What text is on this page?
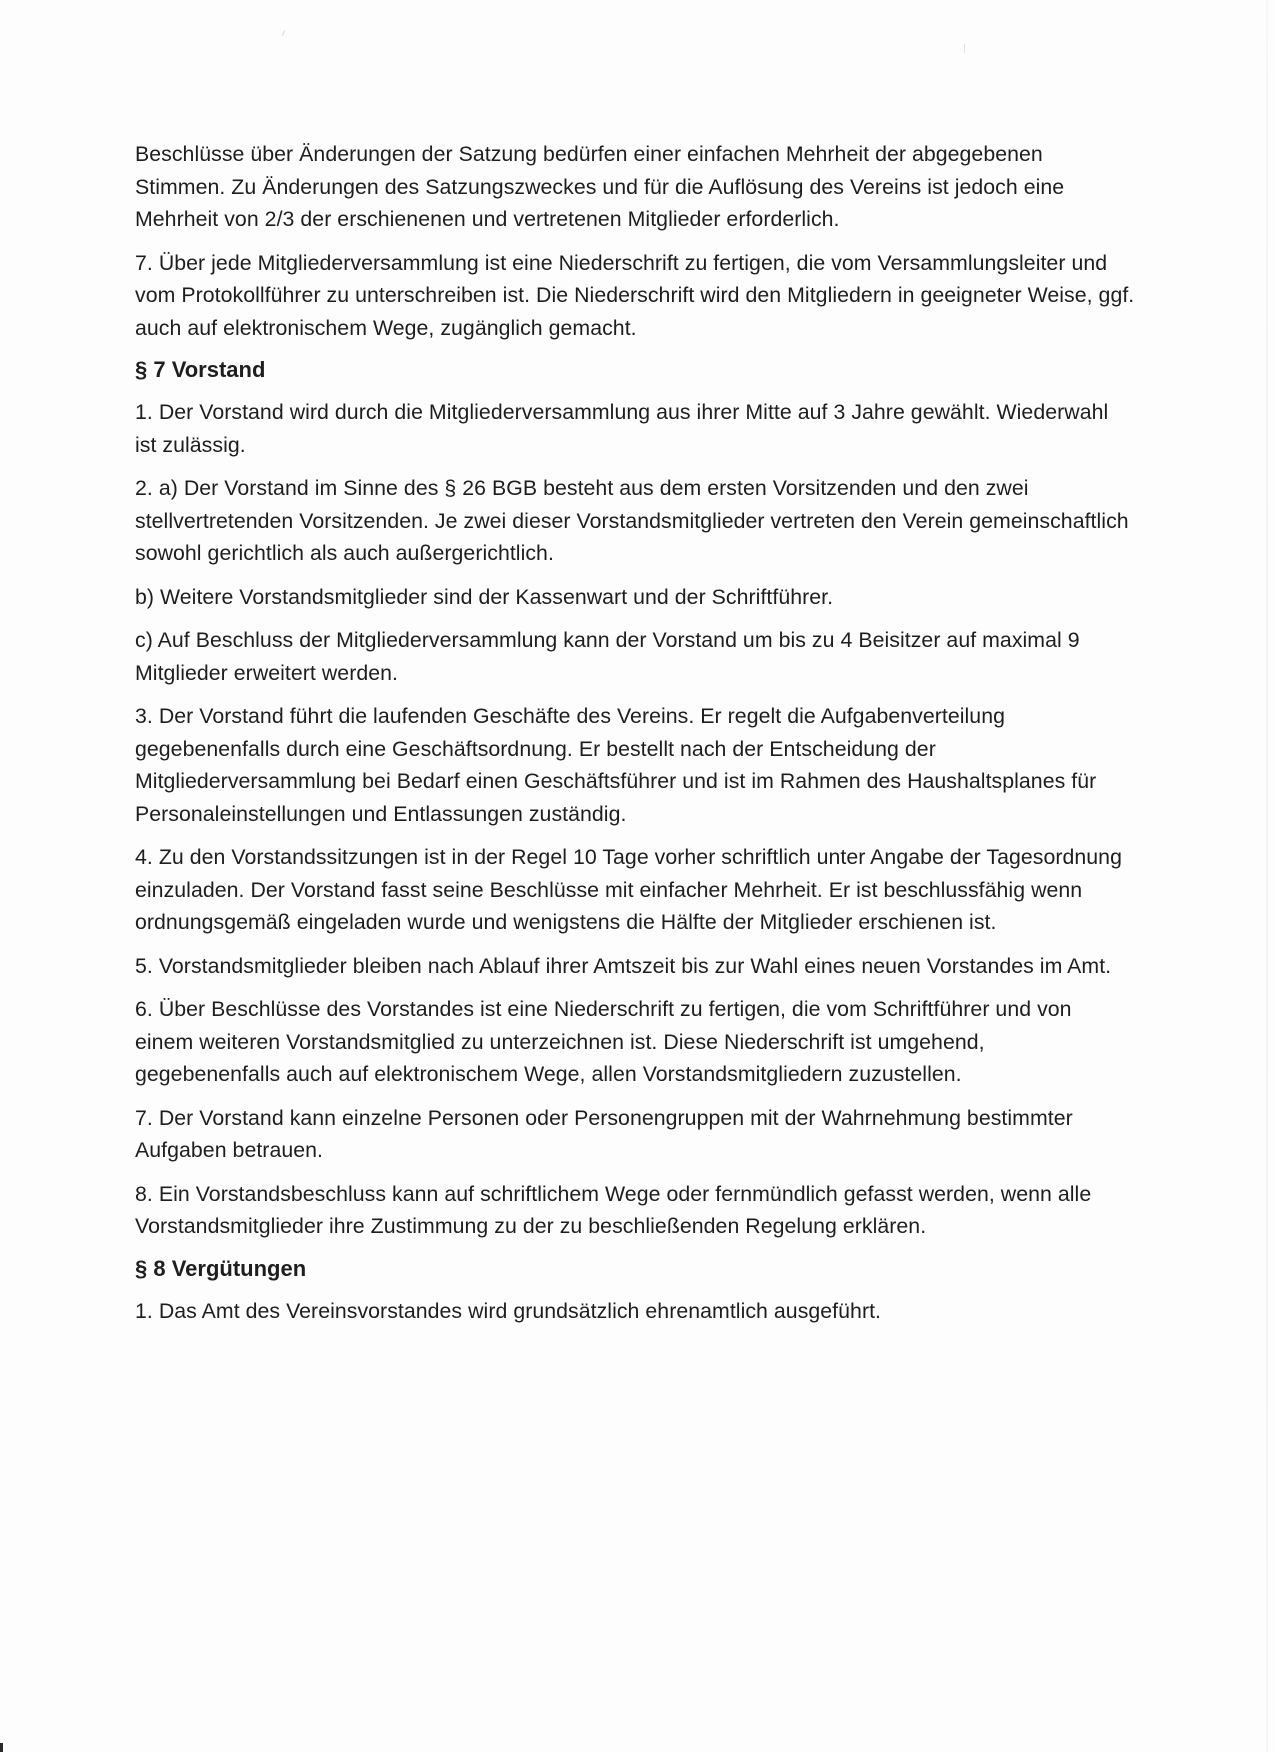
Beschlüsse über Änderungen der Satzung bedürfen einer einfachen Mehrheit der abgegebenen Stimmen. Zu Änderungen des Satzungszweckes und für die Auflösung des Vereins ist jedoch eine Mehrheit von 2/3 der erschienenen und vertretenen Mitglieder erforderlich.

7. Über jede Mitgliederversammlung ist eine Niederschrift zu fertigen, die vom Versammlungsleiter und vom Protokollführer zu unterschreiben ist. Die Niederschrift wird den Mitgliedern in geeigneter Weise, ggf. auch auf elektronischem Wege, zugänglich gemacht.

§ 7 Vorstand

1. Der Vorstand wird durch die Mitgliederversammlung aus ihrer Mitte auf 3 Jahre gewählt. Wiederwahl ist zulässig.

2. a) Der Vorstand im Sinne des § 26 BGB besteht aus dem ersten Vorsitzenden und den zwei stellvertretenden Vorsitzenden. Je zwei dieser Vorstandsmitglieder vertreten den Verein gemeinschaftlich sowohl gerichtlich als auch außergerichtlich.

b) Weitere Vorstandsmitglieder sind der Kassenwart und der Schriftführer.

c) Auf Beschluss der Mitgliederversammlung kann der Vorstand um bis zu 4 Beisitzer auf maximal 9 Mitglieder erweitert werden.

3. Der Vorstand führt die laufenden Geschäfte des Vereins. Er regelt die Aufgabenverteilung gegebenenfalls durch eine Geschäftsordnung. Er bestellt nach der Entscheidung der Mitgliederversammlung bei Bedarf einen Geschäftsführer und ist im Rahmen des Haushaltsplanes für Personaleinstellungen und Entlassungen zuständig.

4. Zu den Vorstandssitzungen ist in der Regel 10 Tage vorher schriftlich unter Angabe der Tagesordnung einzuladen. Der Vorstand fasst seine Beschlüsse mit einfacher Mehrheit. Er ist beschlussfähig wenn ordnungsgemäß eingeladen wurde und wenigstens die Hälfte der Mitglieder erschienen ist.

5. Vorstandsmitglieder bleiben nach Ablauf ihrer Amtszeit bis zur Wahl eines neuen Vorstandes im Amt.

6. Über Beschlüsse des Vorstandes ist eine Niederschrift zu fertigen, die vom Schriftführer und von einem weiteren Vorstandsmitglied zu unterzeichnen ist. Diese Niederschrift ist umgehend, gegebenenfalls auch auf elektronischem Wege, allen Vorstandsmitgliedern zuzustellen.

7. Der Vorstand kann einzelne Personen oder Personengruppen mit der Wahrnehmung bestimmter Aufgaben betrauen.

8. Ein Vorstandsbeschluss kann auf schriftlichem Wege oder fernmündlich gefasst werden, wenn alle Vorstandsmitglieder ihre Zustimmung zu der zu beschließenden Regelung erklären.

§ 8 Vergütungen

1. Das Amt des Vereinsvorstandes wird grundsätzlich ehrenamtlich ausgeführt.
